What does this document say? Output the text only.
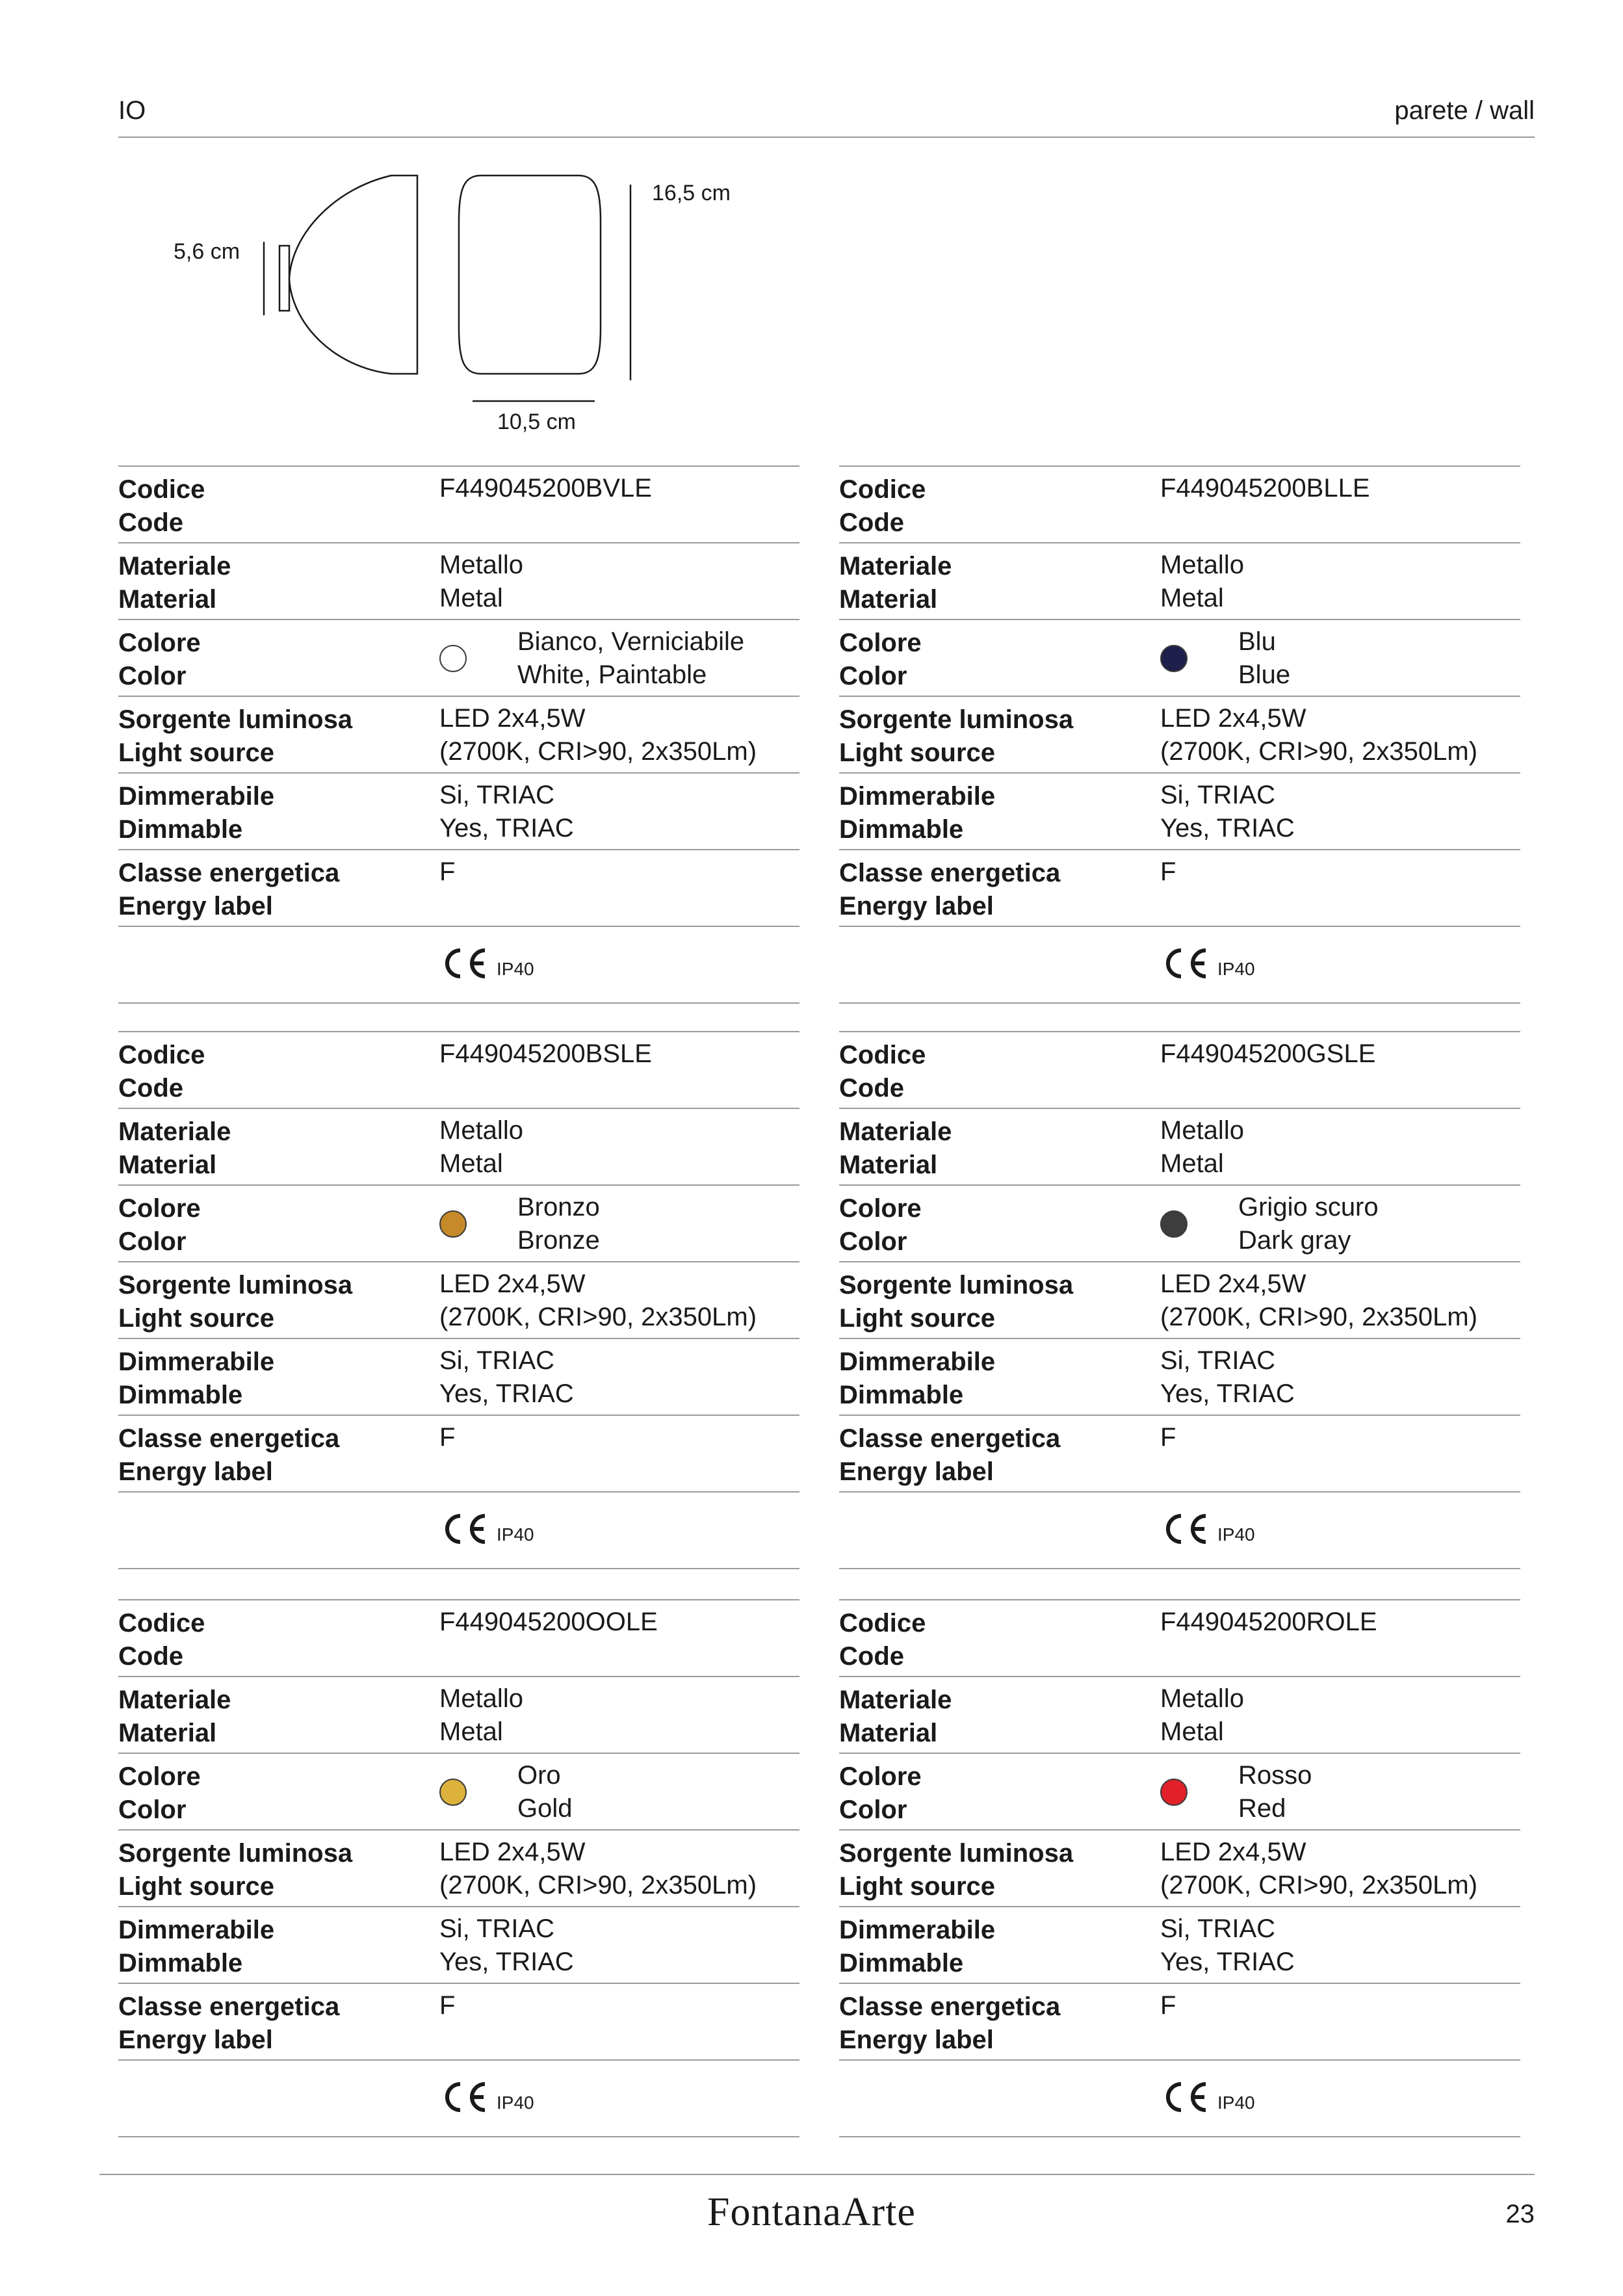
IO	parete / wall
10,5 cm
16,5 cm
5,6 cm
Codice
Code
F449045200BVLE
Materiale
Material
Metallo
Metal
Colore
Color
Bianco, Verniciabile
White, Paintable
Sorgente luminosa
Light source
LED 2x4,5W
(2700K, CRI>90, 2x350Lm)
Dimmerabile
Dimmable
Si, TRIAC
Yes, TRIAC
Classe energetica
Energy label
F
IP40
Codice
Code
F449045200BLLE
Materiale
Material
Metallo
Metal
Colore
Color
Blu
Blue
Sorgente luminosa
Light source
LED 2x4,5W
(2700K, CRI>90, 2x350Lm)
Dimmerabile
Dimmable
Si, TRIAC
Yes, TRIAC
Classe energetica
Energy label
F
IP40
Codice
Code
F449045200BSLE
Materiale
Material
Metallo
Metal
Colore
Color
Bronzo
Bronze
Sorgente luminosa
Light source
LED 2x4,5W
(2700K, CRI>90, 2x350Lm)
Dimmerabile
Dimmable
Si, TRIAC
Yes, TRIAC
Classe energetica
Energy label
F
IP40
Codice
Code
F449045200GSLE
Materiale
Material
Metallo
Metal
Colore
Color
Grigio scuro
Dark gray
Sorgente luminosa
Light source
LED 2x4,5W
(2700K, CRI>90, 2x350Lm)
Dimmerabile
Dimmable
Si, TRIAC
Yes, TRIAC
Classe energetica
Energy label
F
IP40
Codice
Code
F449045200OOLE
Materiale
Material
Metallo
Metal
Colore
Color
Oro
Gold
Sorgente luminosa
Light source
LED 2x4,5W
(2700K, CRI>90, 2x350Lm)
Dimmerabile
Dimmable
Si, TRIAC
Yes, TRIAC
Classe energetica
Energy label
F
IP40
Codice
Code
F449045200ROLE
Materiale
Material
Metallo
Metal
Colore
Color
Rosso
Red
Sorgente luminosa
Light source
LED 2x4,5W
(2700K, CRI>90, 2x350Lm)
Dimmerabile
Dimmable
Si, TRIAC
Yes, TRIAC
Classe energetica
Energy label
F
IP40
FontanaArte	23
